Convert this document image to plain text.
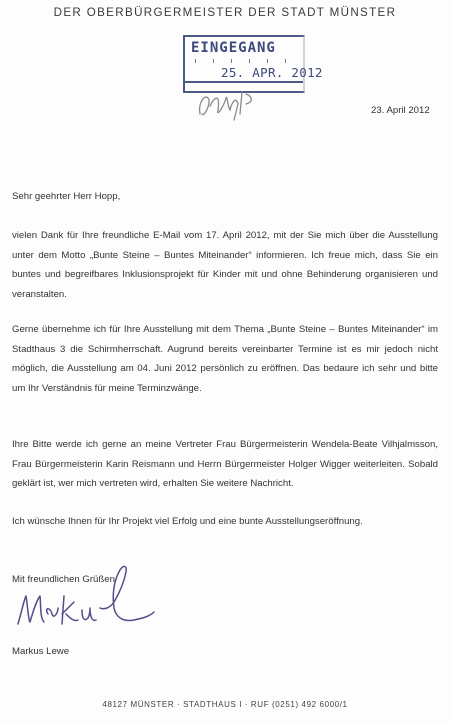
DER OBERBÜRGERMEISTER DER STADT MÜNSTER
EINGEGANG
25. APR. 2012
23. April 2012
Sehr geehrter Herr Hopp,
vielen Dank für Ihre freundliche E-Mail vom 17. April 2012, mit der Sie mich über die Ausstellung unter dem Motto „Bunte Steine – Buntes Miteinander“ informieren. Ich freue mich, dass Sie ein buntes und begreifbares Inklusionsprojekt für Kinder mit und ohne Behinderung organisieren und veranstalten.
Gerne übernehme ich für Ihre Ausstellung mit dem Thema „Bunte Steine – Buntes Miteinander“ im Stadthaus 3 die Schirmherrschaft. Augrund bereits vereinbarter Termine ist es mir jedoch nicht möglich, die Ausstellung am 04. Juni 2012 persönlich zu eröffnen. Das bedaure ich sehr und bitte um Ihr Verständnis für meine Terminzwänge.
Ihre Bitte werde ich gerne an meine Vertreter Frau Bürgermeisterin Wendela-Beate Vilhjalmsson, Frau Bürgermeisterin Karin Reismann und Herrn Bürgermeister Holger Wigger weiterleiten. Sobald geklärt ist, wer mich vertreten wird, erhalten Sie weitere Nachricht.
Ich wünsche Ihnen für Ihr Projekt viel Erfolg und eine bunte Ausstellungseröffnung.
Mit freundlichen Grüßen
Markus Lewe
48127 MÜNSTER · STADTHAUS I · RUF (0251) 492 6000/1
